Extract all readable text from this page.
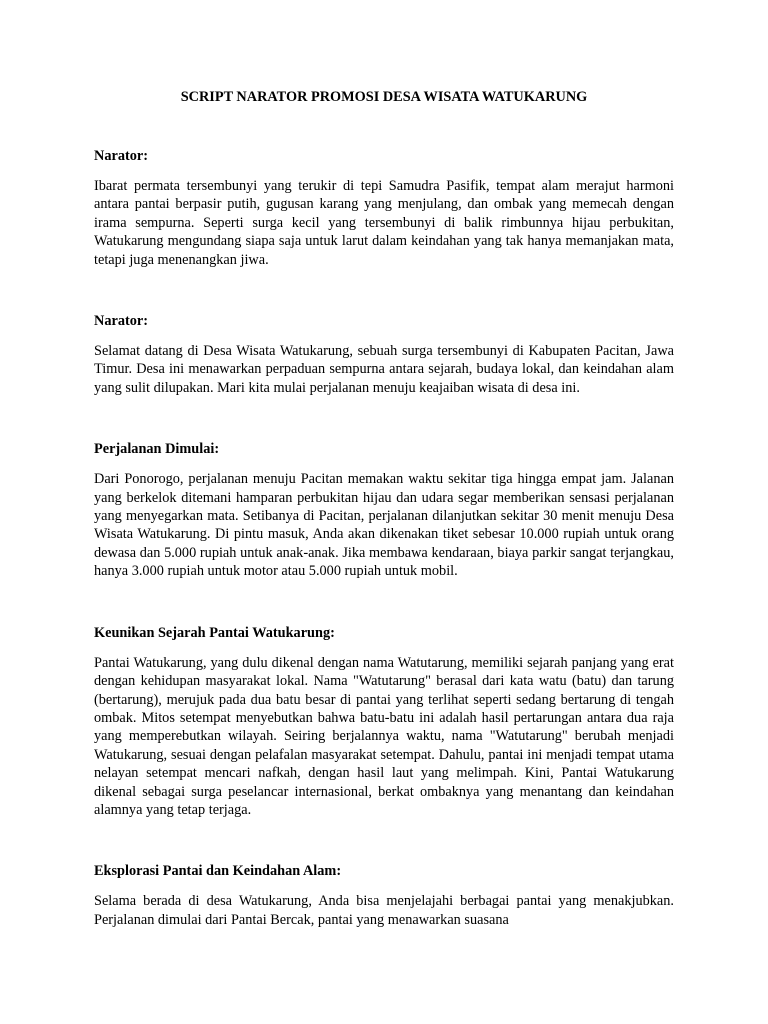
SCRIPT NARATOR PROMOSI DESA WISATA WATUKARUNG
Narator:
Ibarat permata tersembunyi yang terukir di tepi Samudra Pasifik, tempat alam merajut harmoni antara pantai berpasir putih, gugusan karang yang menjulang, dan ombak yang memecah dengan irama sempurna. Seperti surga kecil yang tersembunyi di balik rimbunnya hijau perbukitan, Watukarung mengundang siapa saja untuk larut dalam keindahan yang tak hanya memanjakan mata, tetapi juga menenangkan jiwa.
Narator:
Selamat datang di Desa Wisata Watukarung, sebuah surga tersembunyi di Kabupaten Pacitan, Jawa Timur. Desa ini menawarkan perpaduan sempurna antara sejarah, budaya lokal, dan keindahan alam yang sulit dilupakan. Mari kita mulai perjalanan menuju keajaiban wisata di desa ini.
Perjalanan Dimulai:
Dari Ponorogo, perjalanan menuju Pacitan memakan waktu sekitar tiga hingga empat jam. Jalanan yang berkelok ditemani hamparan perbukitan hijau dan udara segar memberikan sensasi perjalanan yang menyegarkan mata. Setibanya di Pacitan, perjalanan dilanjutkan sekitar 30 menit menuju Desa Wisata Watukarung. Di pintu masuk, Anda akan dikenakan tiket sebesar 10.000 rupiah untuk orang dewasa dan 5.000 rupiah untuk anak-anak. Jika membawa kendaraan, biaya parkir sangat terjangkau, hanya 3.000 rupiah untuk motor atau 5.000 rupiah untuk mobil.
Keunikan Sejarah Pantai Watukarung:
Pantai Watukarung, yang dulu dikenal dengan nama Watutarung, memiliki sejarah panjang yang erat dengan kehidupan masyarakat lokal. Nama "Watutarung" berasal dari kata watu (batu) dan tarung (bertarung), merujuk pada dua batu besar di pantai yang terlihat seperti sedang bertarung di tengah ombak. Mitos setempat menyebutkan bahwa batu-batu ini adalah hasil pertarungan antara dua raja yang memperebutkan wilayah. Seiring berjalannya waktu, nama "Watutarung" berubah menjadi Watukarung, sesuai dengan pelafalan masyarakat setempat. Dahulu, pantai ini menjadi tempat utama nelayan setempat mencari nafkah, dengan hasil laut yang melimpah. Kini, Pantai Watukarung dikenal sebagai surga peselancar internasional, berkat ombaknya yang menantang dan keindahan alamnya yang tetap terjaga.
Eksplorasi Pantai dan Keindahan Alam:
Selama berada di desa Watukarung, Anda bisa menjelajahi berbagai pantai yang menakjubkan. Perjalanan dimulai dari Pantai Bercak, pantai yang menawarkan suasana
